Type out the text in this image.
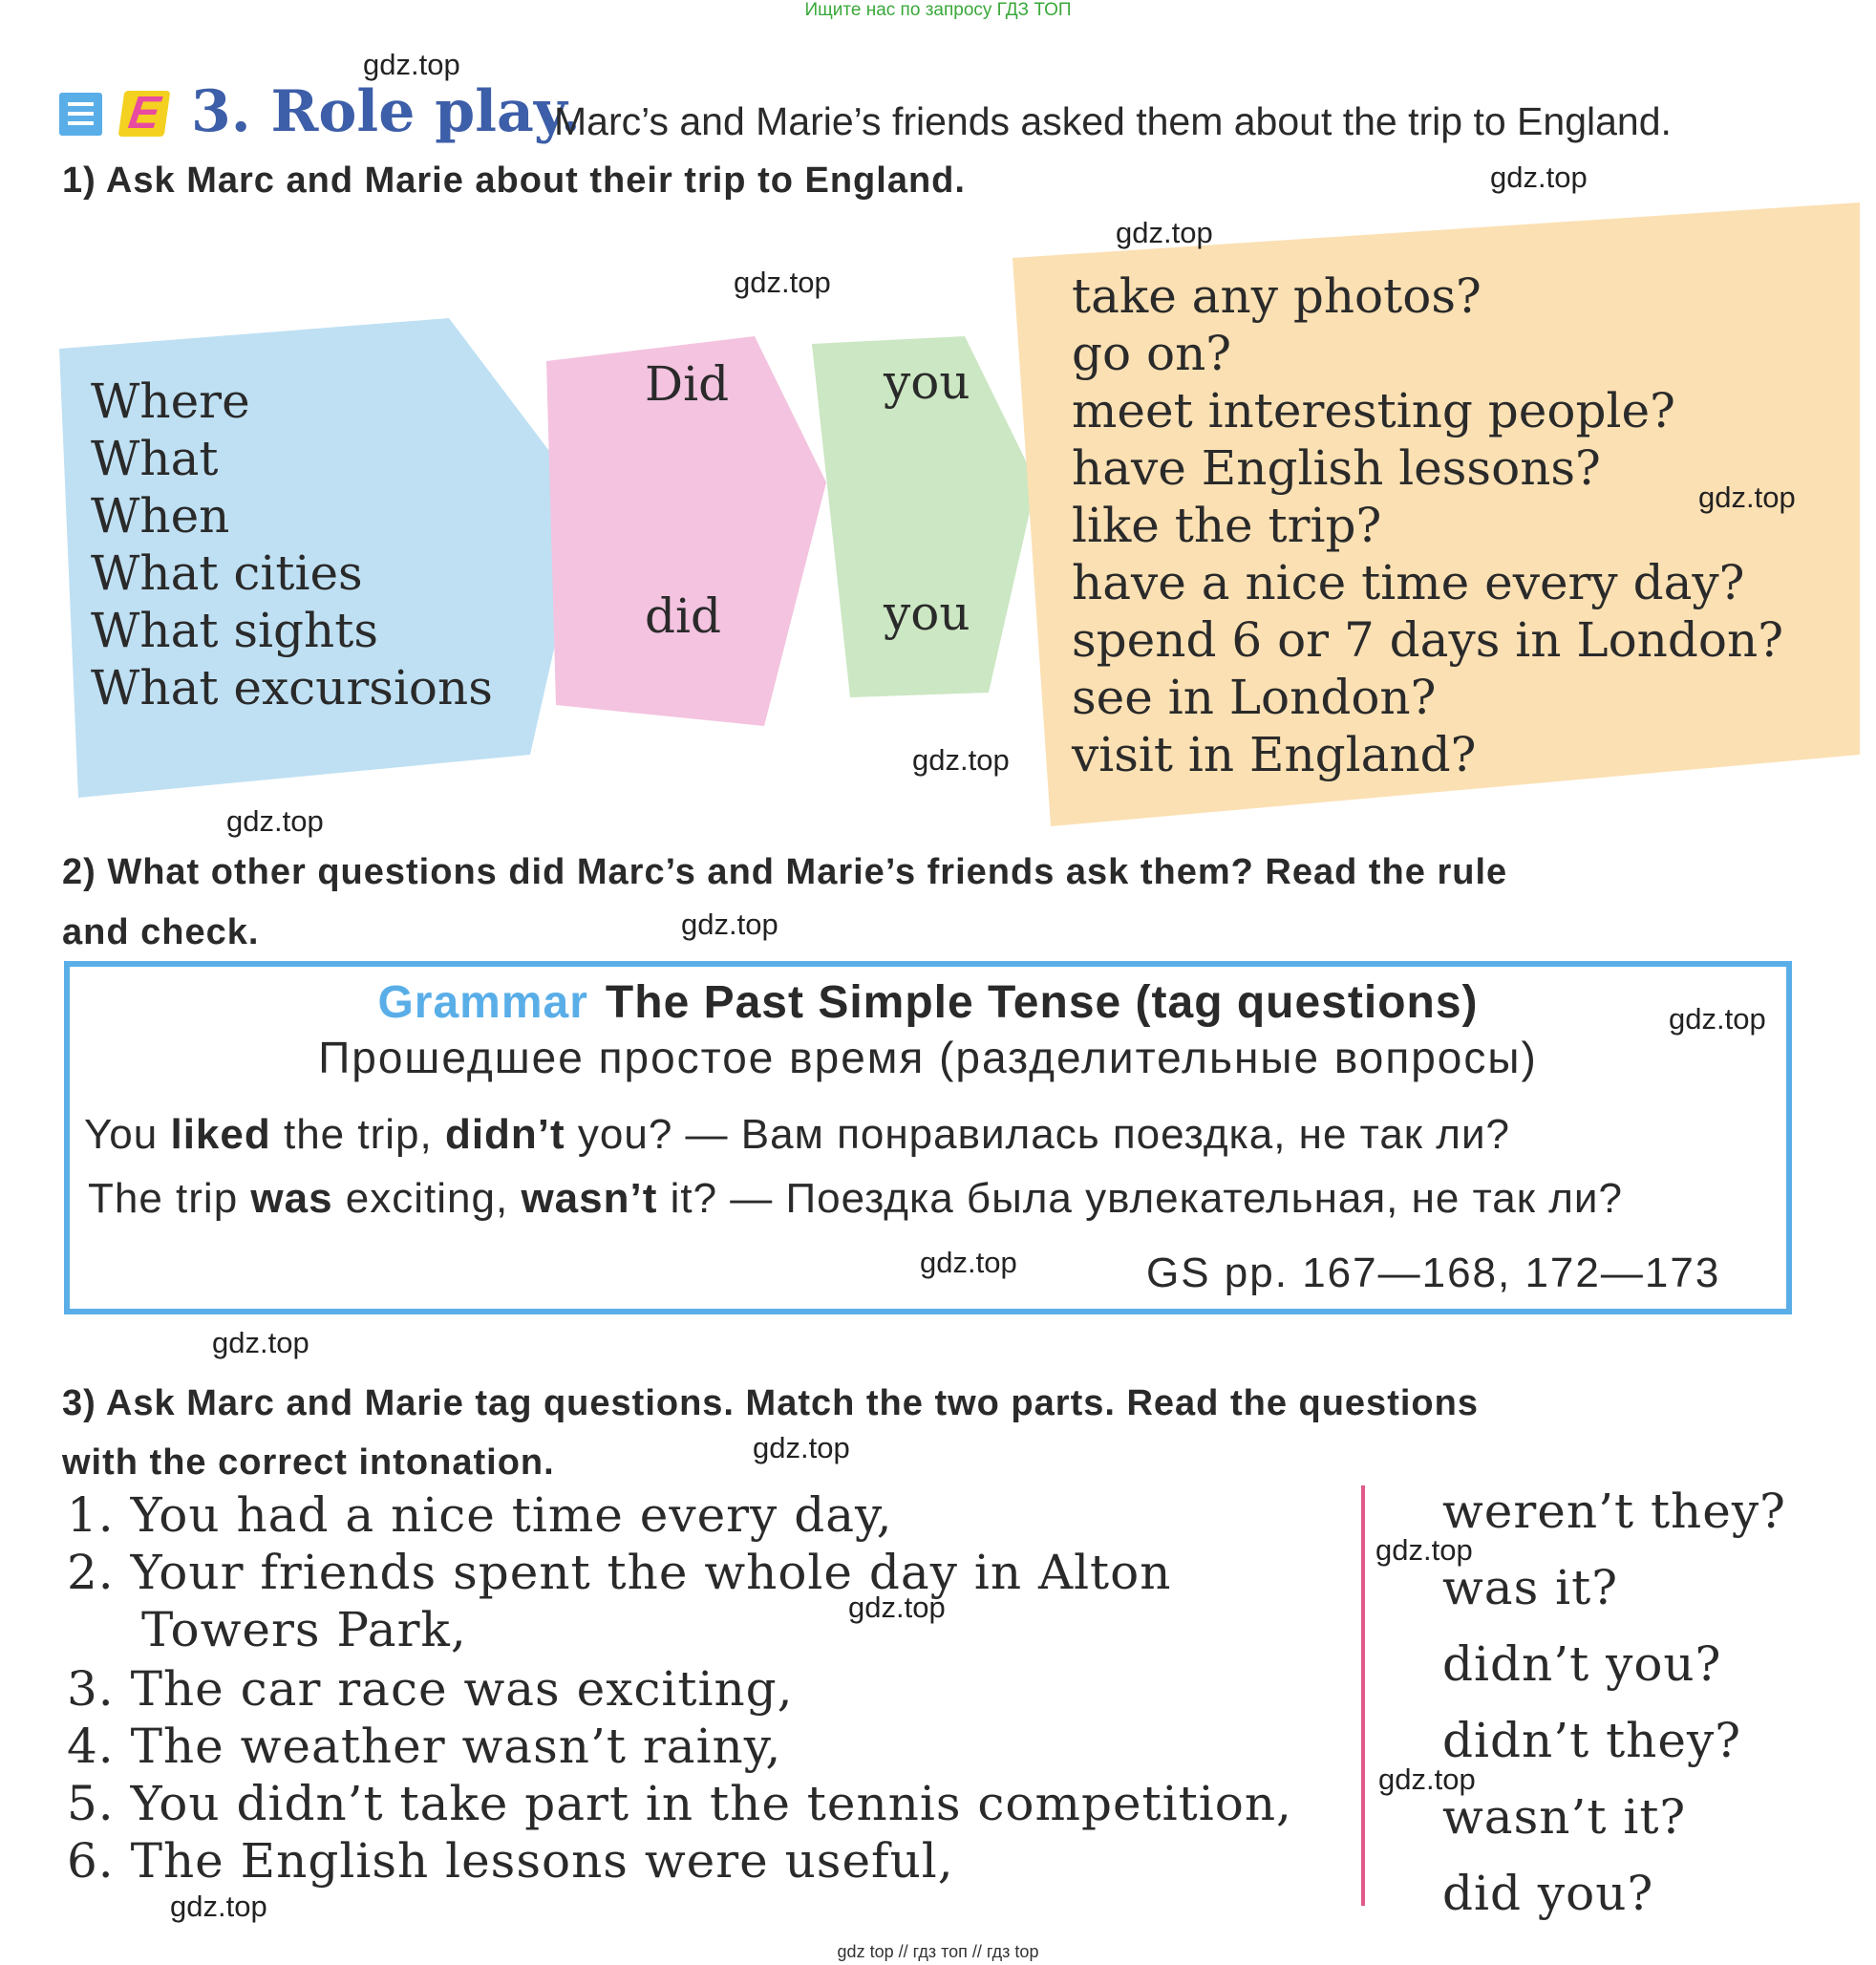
Ищите нас по запросу ГДЗ ТОП
E 3. Role play.
Marc’s and Marie’s friends asked them about the trip to England.
1) Ask Marc and Marie about their trip to England.
Where
What
When
What cities
What sights
What excursions
Did
did
you
you
take any photos?
go on?
meet interesting people?
have English lessons?
like the trip?
have a nice time every day?
spend 6 or 7 days in London?
see in London?
visit in England?
2) What other questions did Marc’s and Marie’s friends ask them? Read the rule
and check.
Grammar The Past Simple Tense (tag questions)
Прошедшее простое время (разделительные вопросы)
You liked the trip, didn’t you? — Вам понравилась поездка, не так ли?
The trip was exciting, wasn’t it? — Поездка была увлекательная, не так ли?
GS pp. 167—168, 172—173
3) Ask Marc and Marie tag questions. Match the two parts. Read the questions
with the correct intonation.
1. You had a nice time every day,
2. Your friends spent the whole day in Alton
Towers Park,
3. The car race was exciting,
4. The weather wasn’t rainy,
5. You didn’t take part in the tennis competition,
6. The English lessons were useful,
weren’t they?
was it?
didn’t you?
didn’t they?
wasn’t it?
did you?
gdz.top
gdz.top
gdz.top
gdz.top
gdz.top
gdz.top
gdz.top
gdz.top
gdz.top
gdz.top
gdz.top
gdz.top
gdz.top
gdz.top
gdz.top
gdz.top
gdz top // гдз топ // гдз top
